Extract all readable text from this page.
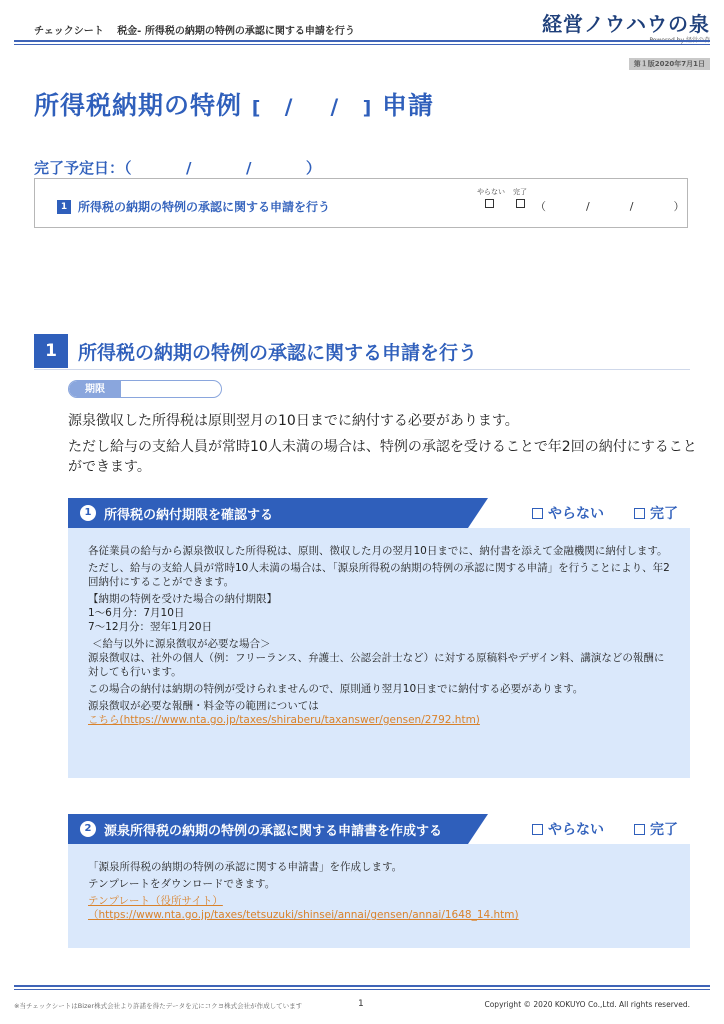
チェックシート 税金‐ 所得税の納期の特例の承認に関する申請を行う	経営ノウハウの泉
第１版2020年7月1日
所得税納期の特例 [ / / ] 申請
完了予定日：（	/	/	）
1 所得税の納期の特例の承認に関する申請を行う
やらない 完了
（	/	/	）
1	所得税の納期の特例の承認に関する申請を行う
期限
源泉徴収した所得税は原則翌月の10日までに納付する必要があります。
ただし給与の支給人員が常時10人未満の場合は、特例の承認を受けることで年2回の納付にすることができます。
1 所得税の納付期限を確認する	やらない	完了

各従業員の給与から源泉徴収した所得税は、原則、徴収した月の翌月10日までに、納付書を添えて金融機関に納付します。

ただし、給与の支給人員が常時10人未満の場合は、「源泉所得税の納期の特例の承認に関する申請」を行うことにより、年2回納付にすることができます。

【納期の特例を受けた場合の納付期限】

1〜6月分：7月10日

7〜12月分：翌年1月20日

＜給与以外に源泉徴収が必要な場合＞

源泉徴収は、社外の個人（例：フリーランス、弁護士、公認会計士など）に対する原稿料やデザイン料、講演などの報酬に対しても行います。

この場合の納付は納期の特例が受けられませんので、原則通り翌月10日までに納付する必要があります。

源泉徴収が必要な報酬・料金等の範囲については

こちら(https://www.nta.go.jp/taxes/shiraberu/taxanswer/gensen/2792.htm)

2 源泉所得税の納期の特例の承認に関する申請書を作成する	やらない	完了

「源泉所得税の納期の特例の承認に関する申請書」を作成します。

テンプレートをダウンロードできます。

テンプレート（役所サイト）

（https://www.nta.go.jp/taxes/tetsuzuki/shinsei/annai/gensen/annai/1648_14.htm)

※当チェックシートはBizer株式会社より許諾を得たデータを元にコクヨ株式会社が作成しています	1	Copyright © 2020 KOKUYO Co.,Ltd. All rights reserved.
